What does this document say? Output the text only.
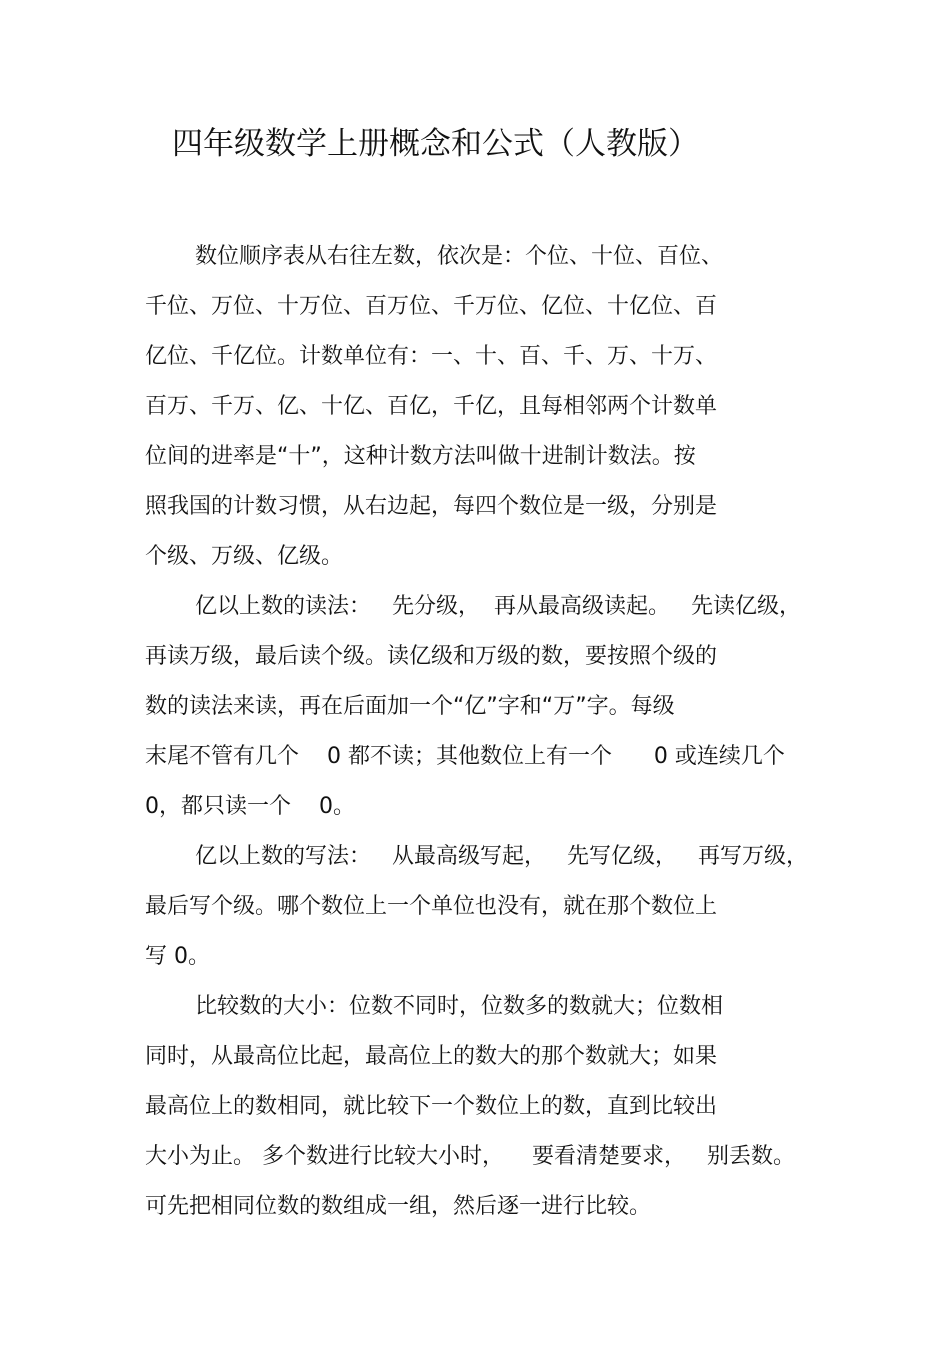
四年级数学上册概念和公式（人教版）
数位顺序表从右往左数，依次是：个位、十位、百位、
千位、万位、十万位、百万位、千万位、亿位、十亿位、百
亿位、千亿位。计数单位有：一、十、百、千、万、十万、
百万、千万、亿、十亿、百亿，千亿，且每相邻两个计数单
位间的进率是“十”，这种计数方法叫做十进制计数法。按
照我国的计数习惯，从右边起，每四个数位是一级，分别是
个级、万级、亿级。
亿以上数的读法：   先分级，  再从最高级读起。   先读亿级，
再读万级，最后读个级。读亿级和万级的数，要按照个级的
数的读法来读，再在后面加一个“亿”字和“万”字。每级
末尾不管有几个    0 都不读；其他数位上有一个      0 或连续几个
0，都只读一个    0。
亿以上数的写法：   从最高级写起，   先写亿级，   再写万级，
最后写个级。哪个数位上一个单位也没有，就在那个数位上
写 0。
比较数的大小：位数不同时，位数多的数就大；位数相
同时，从最高位比起，最高位上的数大的那个数就大；如果
最高位上的数相同，就比较下一个数位上的数，直到比较出
大小为止。 多个数进行比较大小时，    要看清楚要求，   别丢数。
可先把相同位数的数组成一组，然后逐一进行比较。
